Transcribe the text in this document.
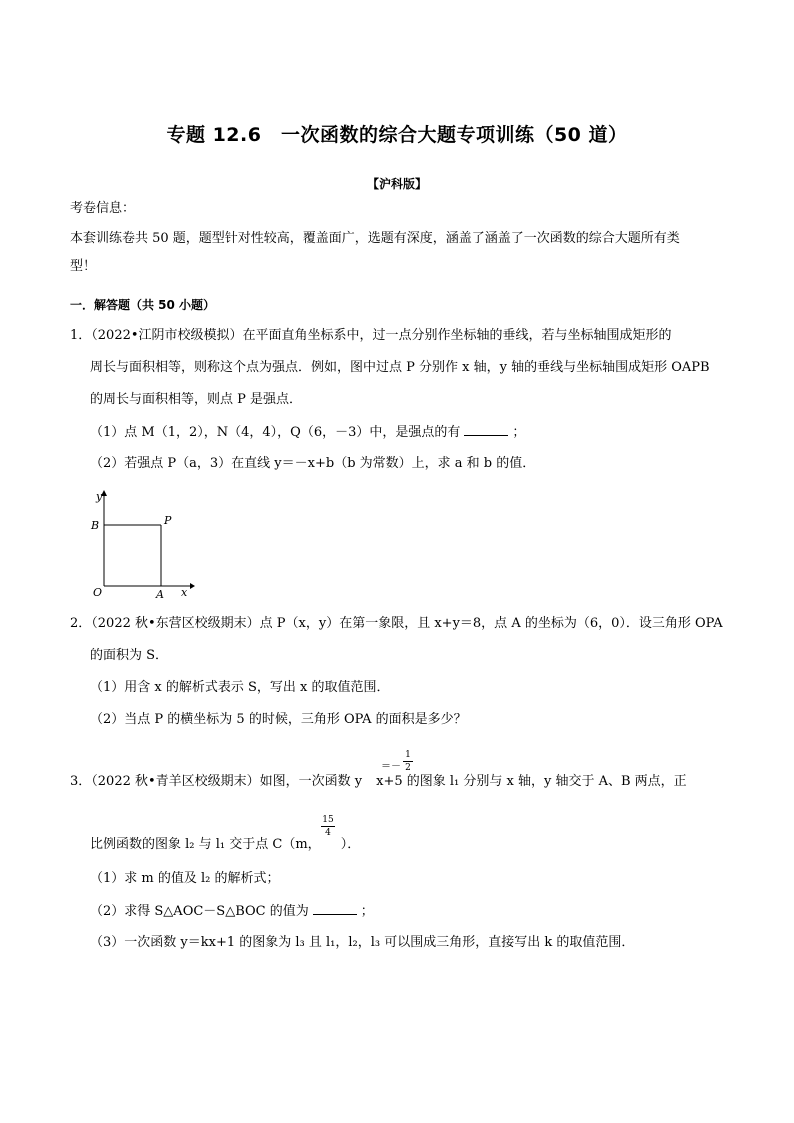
专题 12.6　一次函数的综合大题专项训练（50 道）
【沪科版】
考卷信息：
本套训练卷共 50 题，题型针对性较高，覆盖面广，选题有深度，涵盖了涵盖了一次函数的综合大题所有类
型！
一．解答题（共 50 小题）
1．（2022•江阴市校级模拟）在平面直角坐标系中，过一点分别作坐标轴的垂线，若与坐标轴围成矩形的
周长与面积相等，则称这个点为强点．例如，图中过点 P 分别作 x 轴，y 轴的垂线与坐标轴围成矩形 OAPB
的周长与面积相等，则点 P 是强点．
（1）点 M（1，2），N（4，4），Q（6，－3）中，是强点的有	；
（2）若强点 P（a，3）在直线 y＝－x+b（b 为常数）上，求 a 和 b 的值．
y
B	P
O	A x
2．（2022 秋•东营区校级期末）点 P（x，y）在第一象限，且 x+y＝8，点 A 的坐标为（6，0）．设三角形 OPA
的面积为 S．
（1）用含 x 的解析式表示 S，写出 x 的取值范围．
（2）当点 P 的横坐标为 5 的时候，三角形 OPA 的面积是多少？
3．（2022 秋•青羊区校级期末）如图，一次函数 y x+5 的图象 l₁ 分别与 x 轴，y 轴交于 A、B 两点，正
＝－
1
2
比例函数的图象 l₂ 与 l₁ 交于点 C（m， ）．
15
4
（1）求 m 的值及 l₂ 的解析式；
（2）求得 S△AOC－S△BOC 的值为	；
（3）一次函数 y＝kx+1 的图象为 l₃ 且 l₁，l₂，l₃ 可以围成三角形，直接写出 k 的取值范围．
